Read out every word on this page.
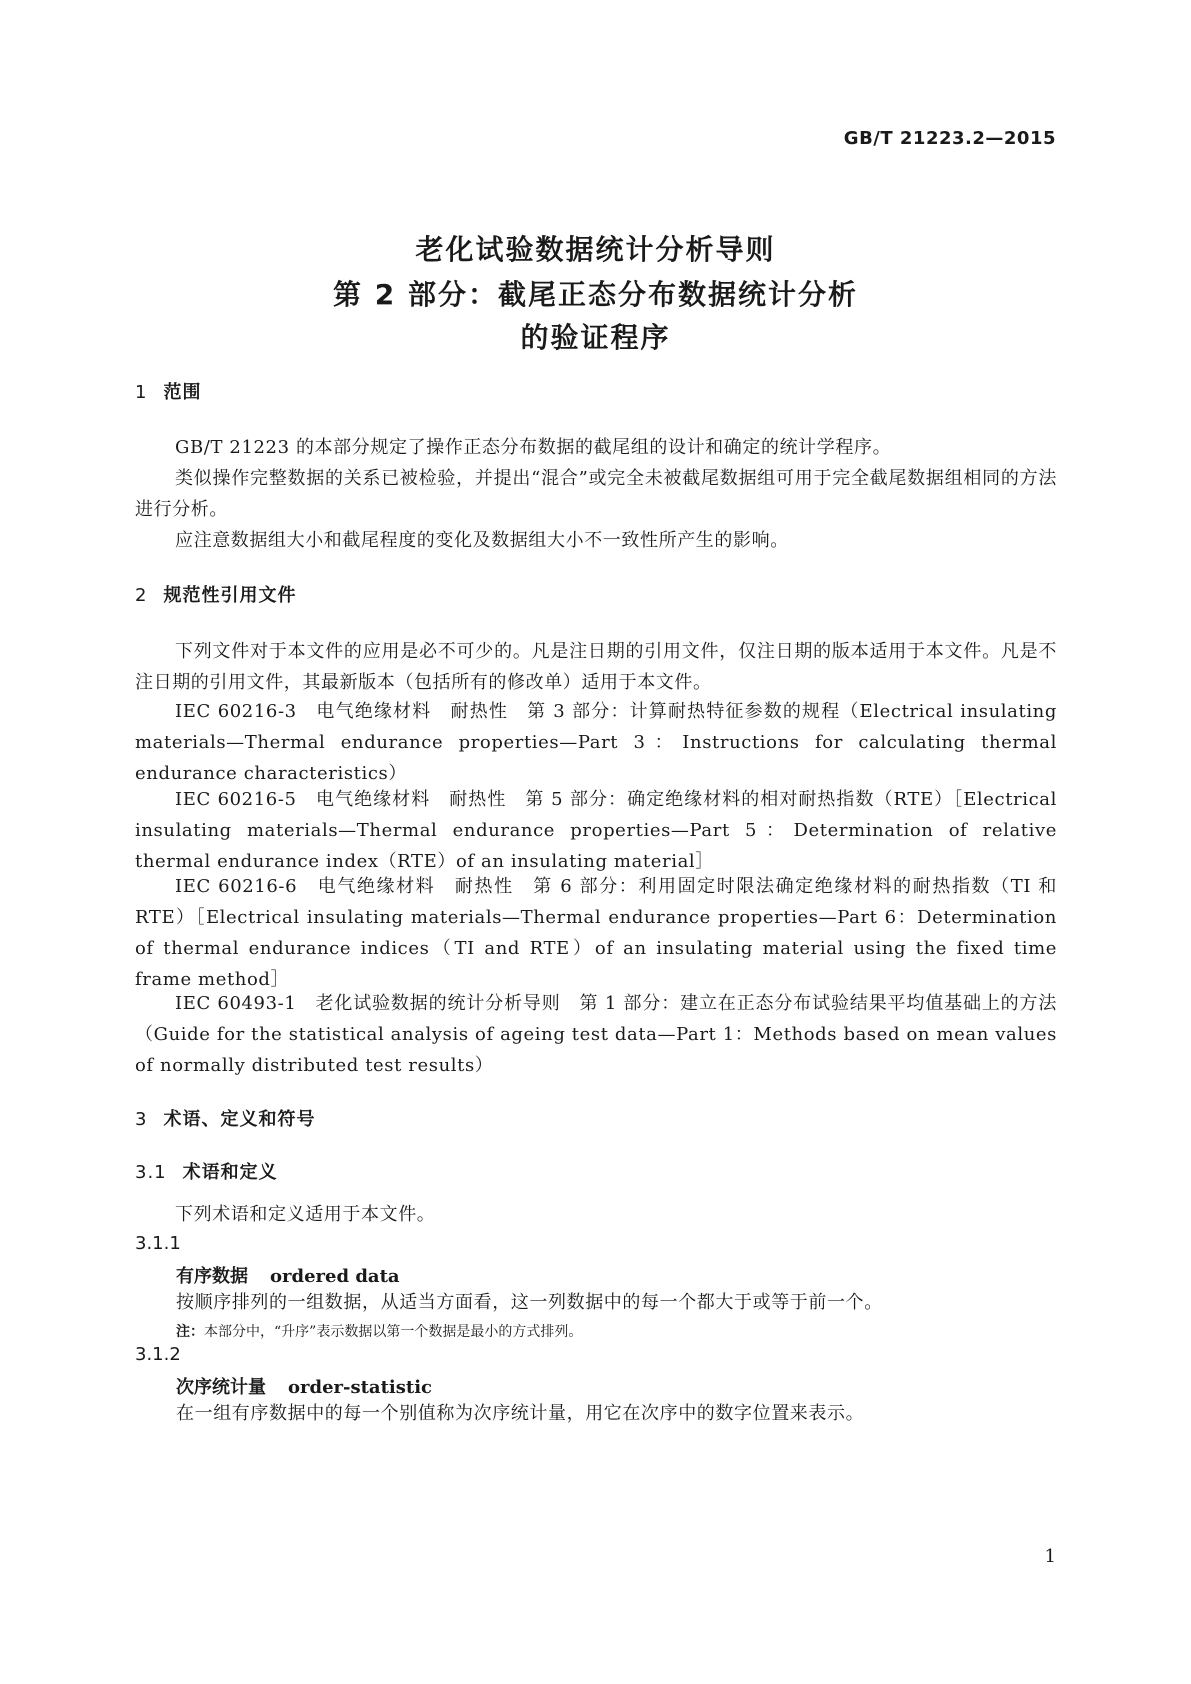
GB/T 21223.2—2015
老化试验数据统计分析导则
第 2 部分：截尾正态分布数据统计分析
的验证程序
1 范围
GB/T 21223 的本部分规定了操作正态分布数据的截尾组的设计和确定的统计学程序。
类似操作完整数据的关系已被检验，并提出“混合”或完全未被截尾数据组可用于完全截尾数据组相同的方法进行分析。
应注意数据组大小和截尾程度的变化及数据组大小不一致性所产生的影响。
2 规范性引用文件
下列文件对于本文件的应用是必不可少的。凡是注日期的引用文件，仅注日期的版本适用于本文件。凡是不注日期的引用文件，其最新版本（包括所有的修改单）适用于本文件。
IEC 60216-3　电气绝缘材料　耐热性　第 3 部分：计算耐热特征参数的规程（Electrical insulating materials—Thermal endurance properties—Part 3：Instructions for calculating thermal endurance characteristics）
IEC 60216-5　电气绝缘材料　耐热性　第 5 部分：确定绝缘材料的相对耐热指数（RTE）［Electrical insulating materials—Thermal endurance properties—Part 5：Determination of relative thermal endurance index（RTE）of an insulating material］
IEC 60216-6　电气绝缘材料　耐热性　第 6 部分：利用固定时限法确定绝缘材料的耐热指数（TI 和 RTE）［Electrical insulating materials—Thermal endurance properties—Part 6：Determination of thermal endurance indices（TI and RTE）of an insulating material using the fixed time frame method］
IEC 60493-1　老化试验数据的统计分析导则　第 1 部分：建立在正态分布试验结果平均值基础上的方法（Guide for the statistical analysis of ageing test data—Part 1：Methods based on mean values of normally distributed test results）
3 术语、定义和符号
3.1 术语和定义
下列术语和定义适用于本文件。
3.1.1
有序数据 ordered data
按顺序排列的一组数据，从适当方面看，这一列数据中的每一个都大于或等于前一个。
注：本部分中，“升序”表示数据以第一个数据是最小的方式排列。
3.1.2
次序统计量 order-statistic
在一组有序数据中的每一个别值称为次序统计量，用它在次序中的数字位置来表示。
1
